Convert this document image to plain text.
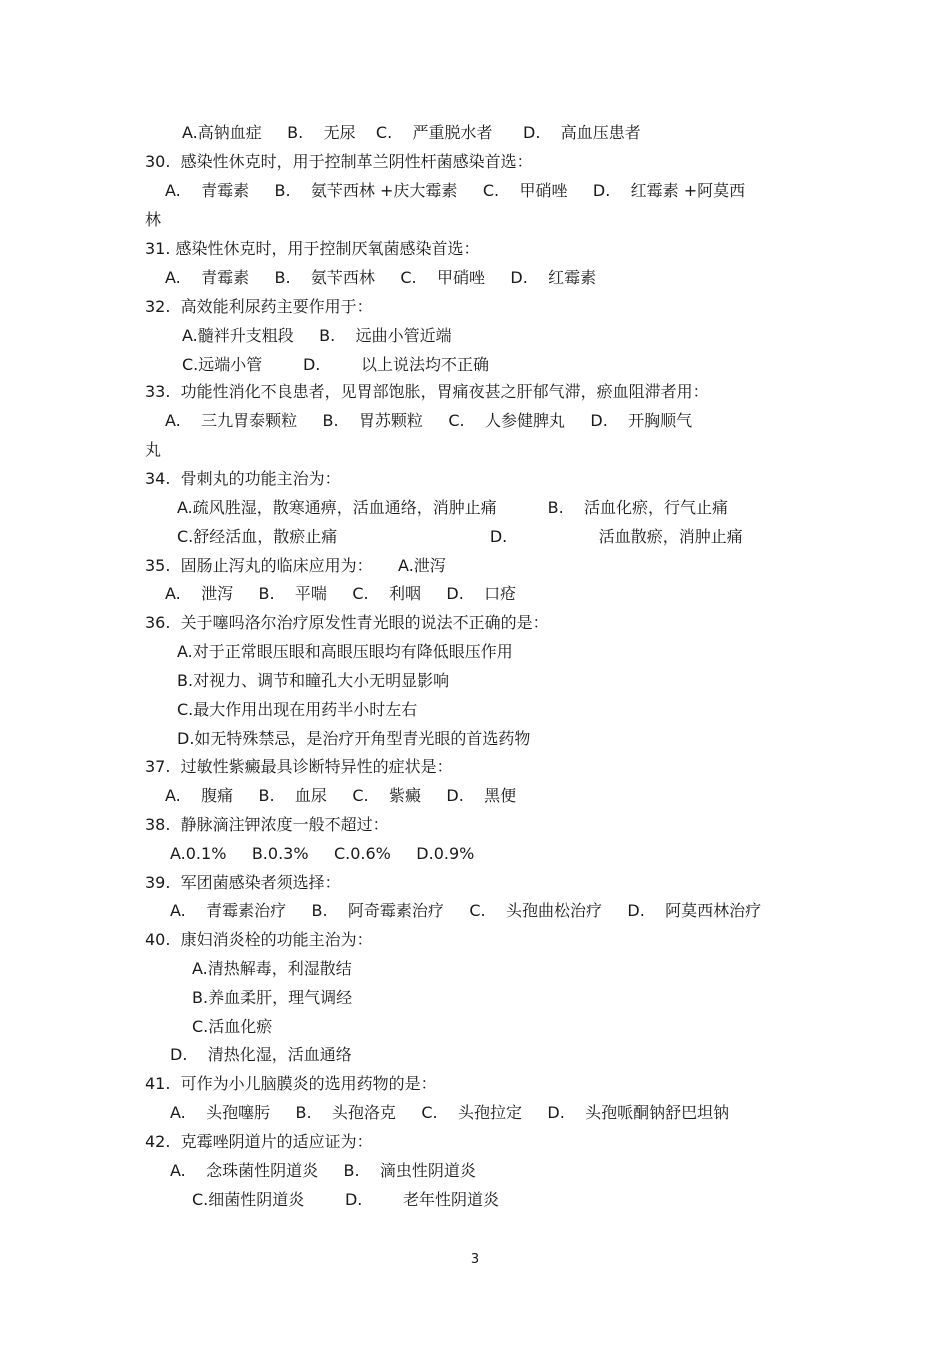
A.高钠血症     B.    无尿    C.    严重脱水者      D.    高血压患者
30.  感染性休克时，用于控制革兰阴性杆菌感染首选：
A.    青霉素     B.    氨苄西林 +庆大霉素     C.    甲硝唑     D.    红霉素 +阿莫西
林
31. 感染性休克时，用于控制厌氧菌感染首选：
A.    青霉素     B.    氨苄西林     C.    甲硝唑     D.    红霉素
32.  高效能利尿药主要作用于：
A.髓袢升支粗段     B.    远曲小管近端
C.远端小管        D.        以上说法均不正确
33.  功能性消化不良患者，见胃部饱胀，胃痛夜甚之肝郁气滞，瘀血阻滞者用：
A.    三九胃泰颗粒     B.    胃苏颗粒     C.    人参健脾丸     D.    开胸顺气
丸
34.  骨刺丸的功能主治为：
A.疏风胜湿，散寒通痹，活血通络，消肿止痛          B.    活血化瘀，行气止痛
C.舒经活血，散瘀止痛                              D.                  活血散瘀，消肿止痛
35.  固肠止泻丸的临床应用为：     A.泄泻
A.    泄泻     B.    平喘     C.    利咽     D.    口疮
36.  关于噻吗洛尔治疗原发性青光眼的说法不正确的是：
A.对于正常眼压眼和高眼压眼均有降低眼压作用
B.对视力、调节和瞳孔大小无明显影响
C.最大作用出现在用药半小时左右
D.如无特殊禁忌，是治疗开角型青光眼的首选药物
37.  过敏性紫癜最具诊断特异性的症状是：
A.    腹痛     B.    血尿     C.    紫癜     D.    黑便
38.  静脉滴注钾浓度一般不超过：
A.0.1%     B.0.3%     C.0.6%     D.0.9%
39.  军团菌感染者须选择：
A.    青霉素治疗     B.    阿奇霉素治疗     C.    头孢曲松治疗     D.    阿莫西林治疗
40.  康妇消炎栓的功能主治为：
A.清热解毒，利湿散结
B.养血柔肝，理气调经
C.活血化瘀
D.    清热化湿，活血通络
41.  可作为小儿脑膜炎的选用药物的是：
A.    头孢噻肟     B.    头孢洛克     C.    头孢拉定     D.    头孢哌酮钠舒巴坦钠
42.  克霉唑阴道片的适应证为：
A.    念珠菌性阴道炎     B.    滴虫性阴道炎
C.细菌性阴道炎        D.        老年性阴道炎
3
